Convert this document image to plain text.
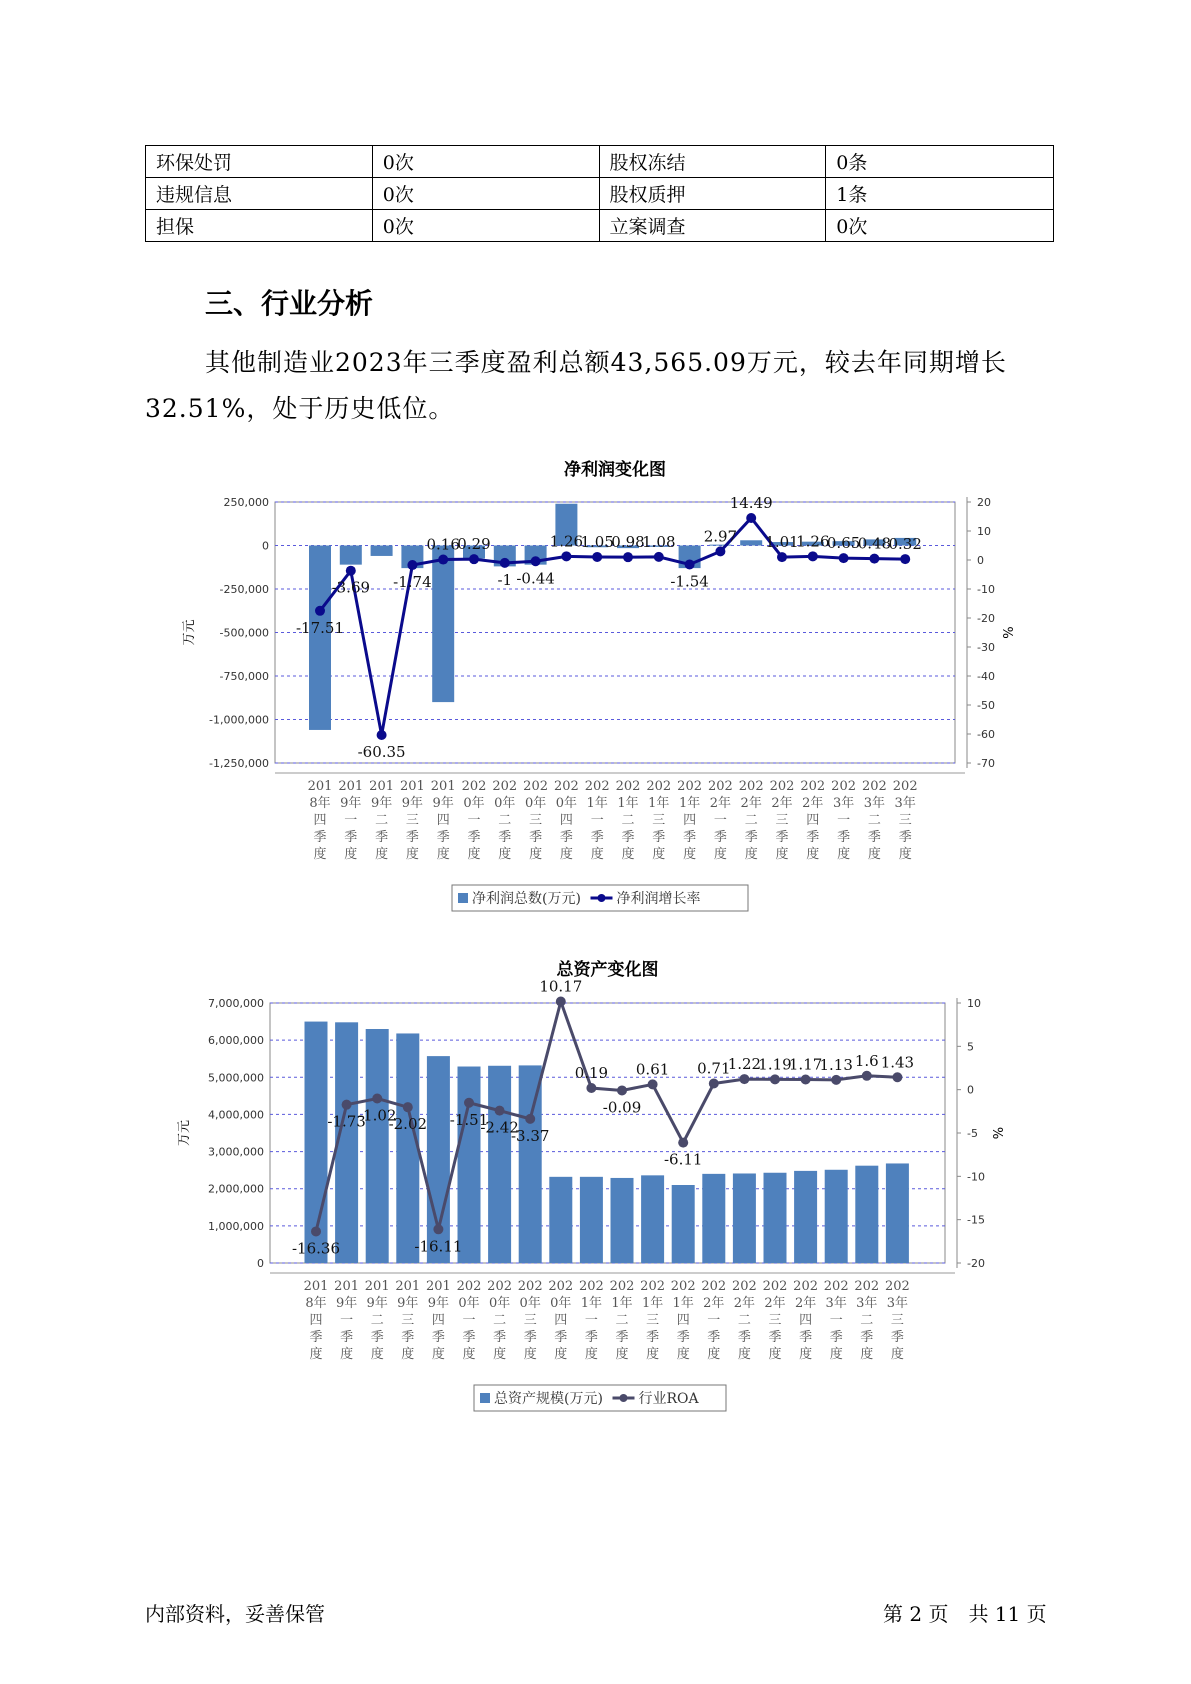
环保处罚	0次	股权冻结	0条
违规信息	0次	股权质押	1条
担保	0次	立案调查	0次
三、行业分析

其他制造业2023年三季度盈利总额43,565.09万元，较去年同期增长32.51%，处于历史低位。

净利润变化图
250,000
0
-250,000
-500,000
-750,000
-1,000,000
-1,250,000
20
10
0
-10
-20
-30
-40
-50
-60
-70
万元	%
-17.51
-3.69
-60.35
-1.74
0.16
0.29
-1 -0.44
1.26
1.05
0.98
1.08
-1.54
2.97
14.49
1.01
1.26
0.65
0.48
0.32
201
8年
四
季
度
201
9年
一
季
度
201
9年
二
季
度
201
9年
三
季
度
201
9年
四
季
度
202
0年
一
季
度
202
0年
二
季
度
202
0年
三
季
度
202
0年
四
季
度
202
1年
一
季
度
202
1年
二
季
度
202
1年
三
季
度
202
1年
四
季
度
202
2年
一
季
度
202
2年
二
季
度
202
2年
三
季
度
202
2年
四
季
度
202
3年
一
季
度
202
3年
二
季
度
202
3年
三
季
度
净利润总数(万元)	净利润增长率
总资产变化图
7,000,000
6,000,000
5,000,000
4,000,000
3,000,000
2,000,000
1,000,000
0
10
5
0
-5
-10
-15
-20
万元	%
-16.36
-1.73
-1.02
-2.02
-16.11
-1.51
-2.42
-3.37
10.17
0.19
-0.09
0.61
-6.11
0.71
1.22
1.19
1.17
1.13 1.6 1.43
201
8年
四
季
度
201
9年
一
季
度
201
9年
二
季
度
201
9年
三
季
度
201
9年
四
季
度
202
0年
一
季
度
202
0年
二
季
度
202
0年
三
季
度
202
0年
四
季
度
202
1年
一
季
度
202
1年
二
季
度
202
1年
三
季
度
202
1年
四
季
度
202
2年
一
季
度
202
2年
二
季
度
202
2年
三
季
度
202
2年
四
季
度
202
3年
一
季
度
202
3年
二
季
度
202
3年
三
季
度
总资产规模(万元)	行业ROA
内部资料，妥善保管	第 2 页　共 11 页
